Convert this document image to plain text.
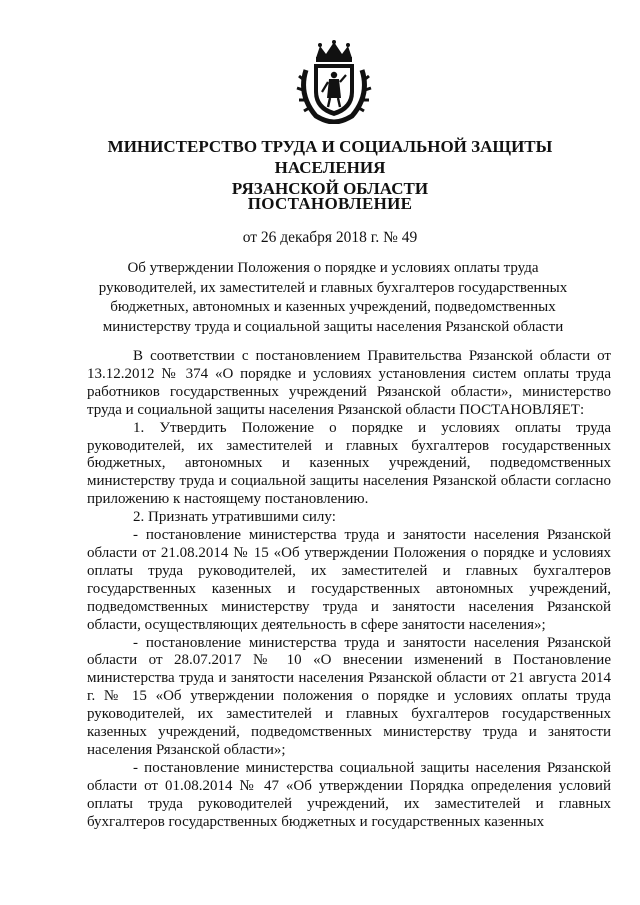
МИНИСТЕРСТВО ТРУДА И СОЦИАЛЬНОЙ ЗАЩИТЫ НАСЕЛЕНИЯ
РЯЗАНСКОЙ ОБЛАСТИ
ПОСТАНОВЛЕНИЕ
от 26 декабря 2018 г. № 49
Об утверждении Положения о порядке и условиях оплаты труда руководителей, их заместителей и главных бухгалтеров государственных бюджетных, автономных и казенных учреждений, подведомственных министерству труда и социальной защиты населения Рязанской области

В соответствии с постановлением Правительства Рязанской области от 13.12.2012 № 374 «О порядке и условиях установления систем оплаты труда работников государственных учреждений Рязанской области», министерство труда и социальной защиты населения Рязанской области ПОСТАНОВЛЯЕТ:

1. Утвердить Положение о порядке и условиях оплаты труда руководителей, их заместителей и главных бухгалтеров государственных бюджетных, автономных и казенных учреждений, подведомственных министерству труда и социальной защиты населения Рязанской области согласно приложению к настоящему постановлению.

2. Признать утратившими силу:

- постановление министерства труда и занятости населения Рязанской области от 21.08.2014 № 15 «Об утверждении Положения о порядке и условиях оплаты труда руководителей, их заместителей и главных бухгалтеров государственных казенных и государственных автономных учреждений, подведомственных министерству труда и занятости населения Рязанской области, осуществляющих деятельность в сфере занятости населения»;

- постановление министерства труда и занятости населения Рязанской области от 28.07.2017 № 10 «О внесении изменений в Постановление министерства труда и занятости населения Рязанской области от 21 августа 2014 г. № 15 «Об утверждении положения о порядке и условиях оплаты труда руководителей, их заместителей и главных бухгалтеров государственных казенных учреждений, подведомственных министерству труда и занятости населения Рязанской области»;

- постановление министерства социальной защиты населения Рязанской области от 01.08.2014 № 47 «Об утверждении Порядка определения условий оплаты труда руководителей учреждений, их заместителей и главных бухгалтеров государственных бюджетных и государственных казенных
